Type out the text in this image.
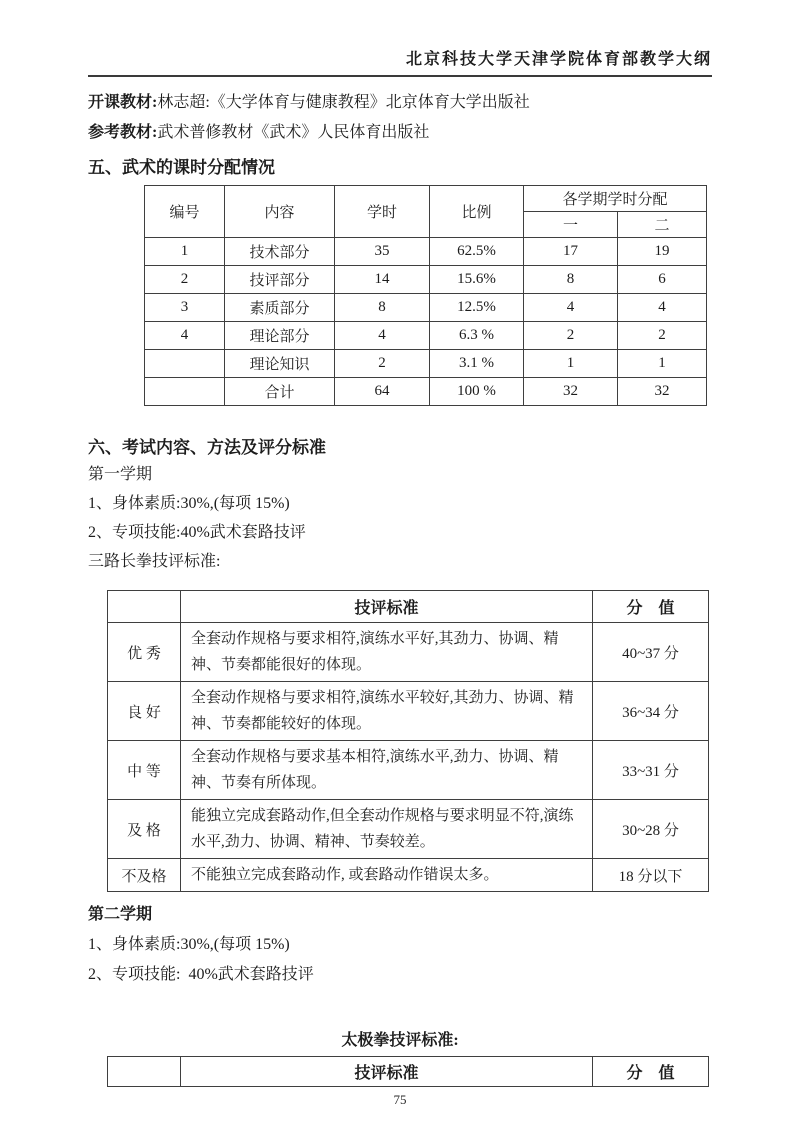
北京科技大学天津学院体育部教学大纲

开课教材:林志超:《大学体育与健康教程》北京体育大学出版社

参考教材:武术普修教材《武术》人民体育出版社

五、武术的课时分配情况
编号	内容	学时	比例	各学期学时分配	
				一	二
1	技术部分	35	62.5%	17	19
2	技评部分	14	15.6%	8	6
3	素质部分	8	12.5%	4	4
4	理论部分	4	6.3 %	2	2
	理论知识	2	3.1 %	1	1
	合计	64	100 %	32	32
六、考试内容、方法及评分标准

第一学期

1、身体素质:30%,(每项 15%)

2、专项技能:40%武术套路技评

三路长拳技评标准:

	技评标准	分　值
优 秀	全套动作规格与要求相符,演练水平好,其劲力、协调、精神、节奏都能很好的体现。	40~37 分
良 好	全套动作规格与要求相符,演练水平较好,其劲力、协调、精神、节奏都能较好的体现。	36~34 分
中 等	全套动作规格与要求基本相符,演练水平,劲力、协调、精神、节奏有所体现。	33~31 分
及 格	能独立完成套路动作,但全套动作规格与要求明显不符,演练水平,劲力、协调、精神、节奏较差。	30~28 分
不及格	不能独立完成套路动作, 或套路动作错误太多。	18 分以下

第二学期

1、身体素质:30%,(每项 15%)

2、专项技能:  40%武术套路技评

太极拳技评标准:
	技评标准	分　值
75
